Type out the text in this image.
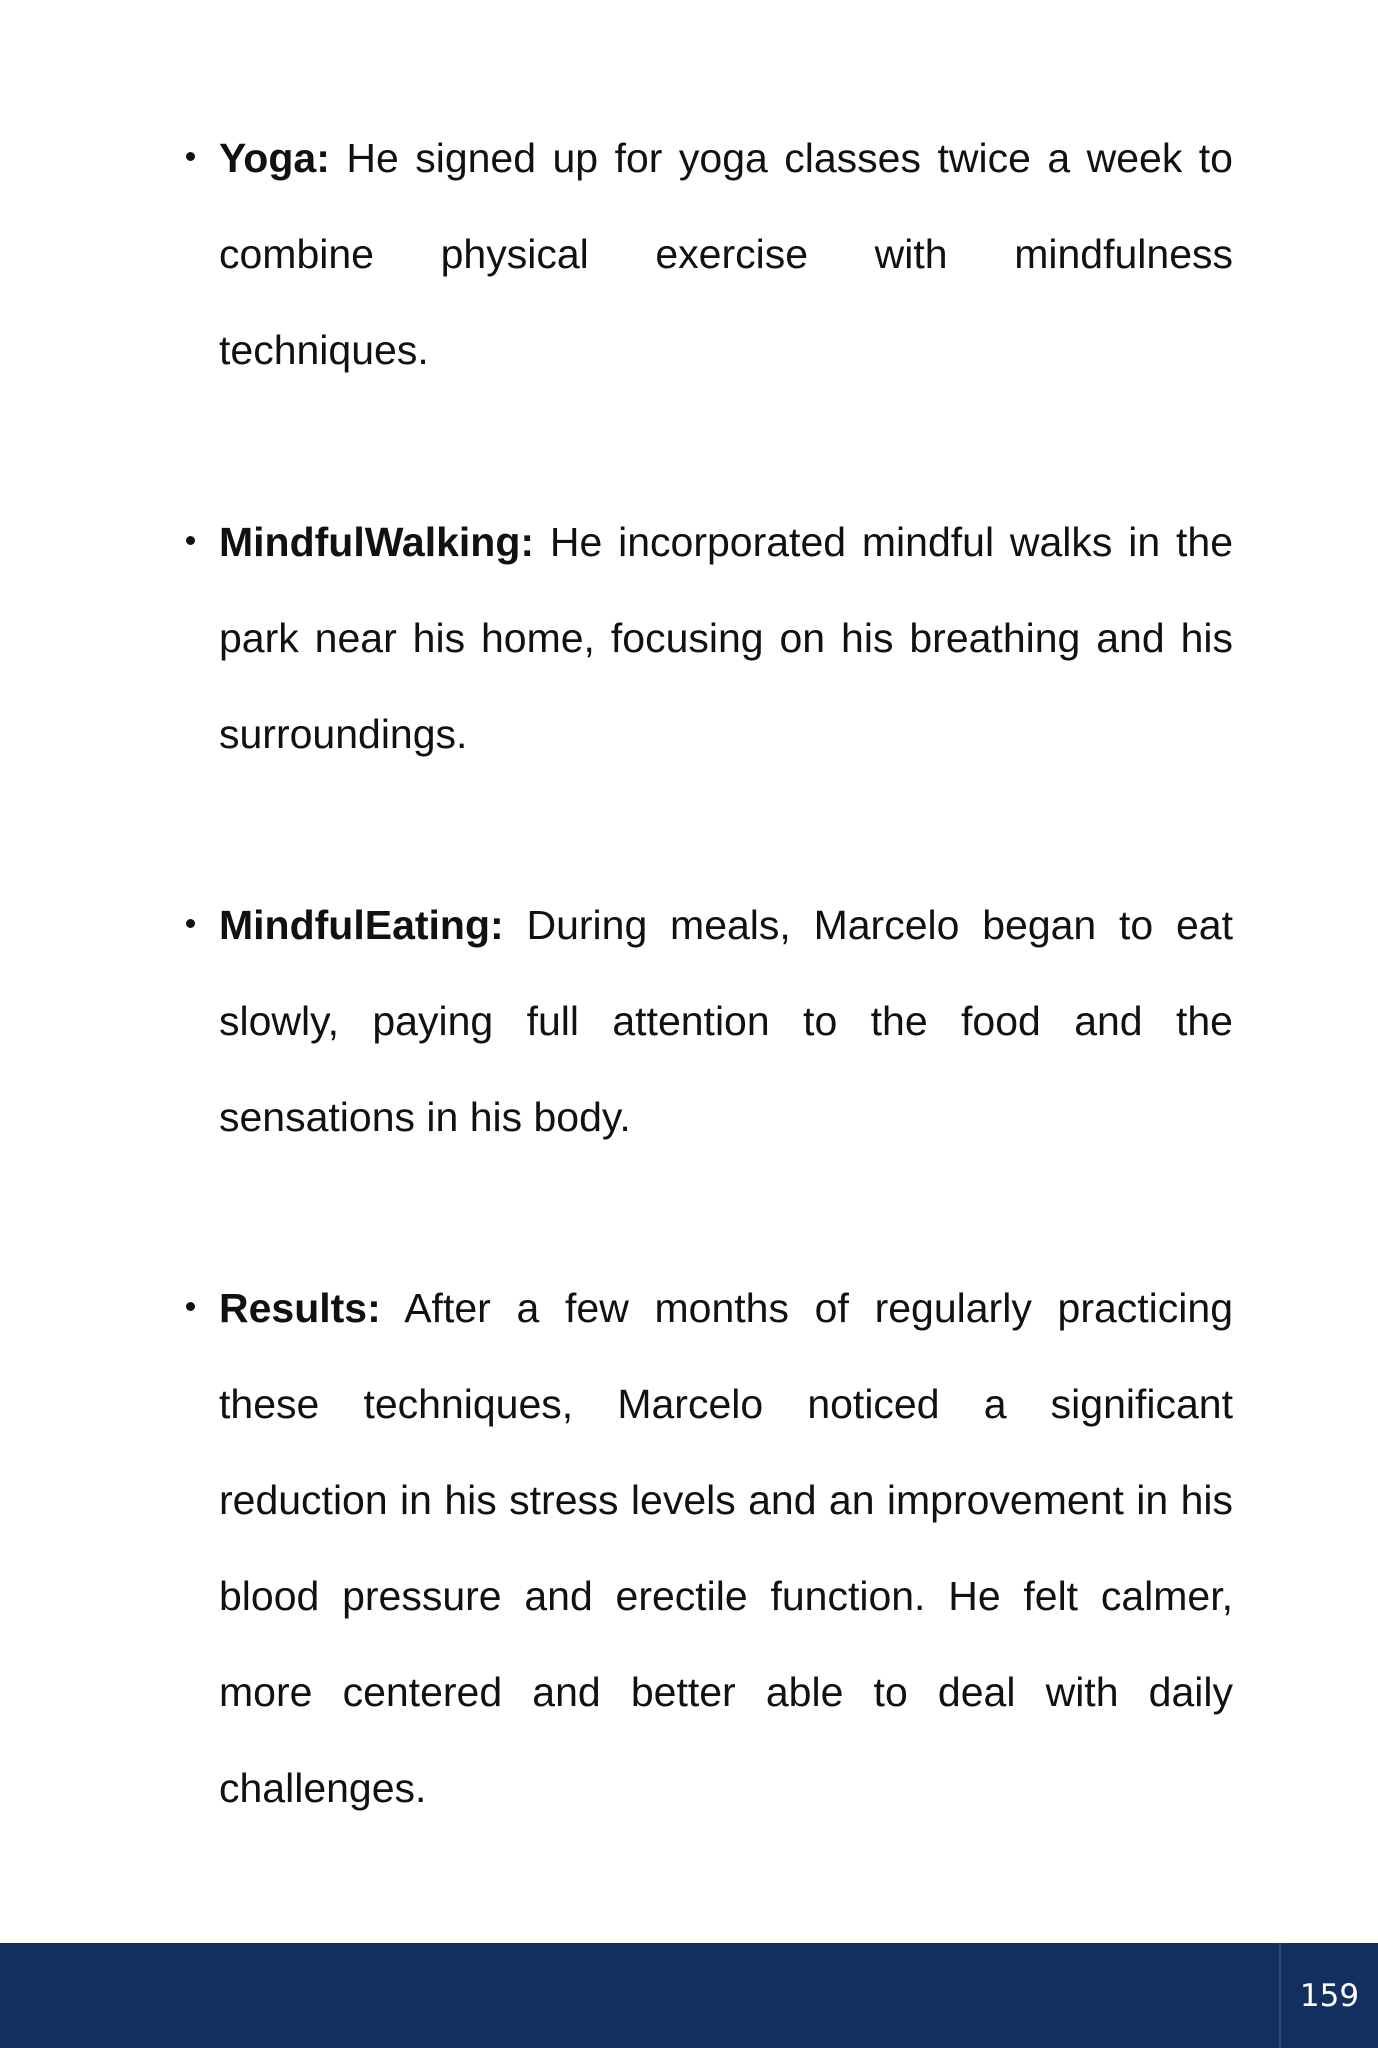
Yoga: He signed up for yoga classes twice a week to combine physical exercise with mindfulness techniques.
MindfulWalking: He incorporated mindful walks in the park near his home, focusing on his breathing and his surroundings.
MindfulEating: During meals, Marcelo began to eat slowly, paying full attention to the food and the sensations in his body.
Results: After a few months of regularly practicing these techniques, Marcelo noticed a significant reduction in his stress levels and an improvement in his blood pressure and erectile function. He felt calmer, more centered and better able to deal with daily challenges.
159
